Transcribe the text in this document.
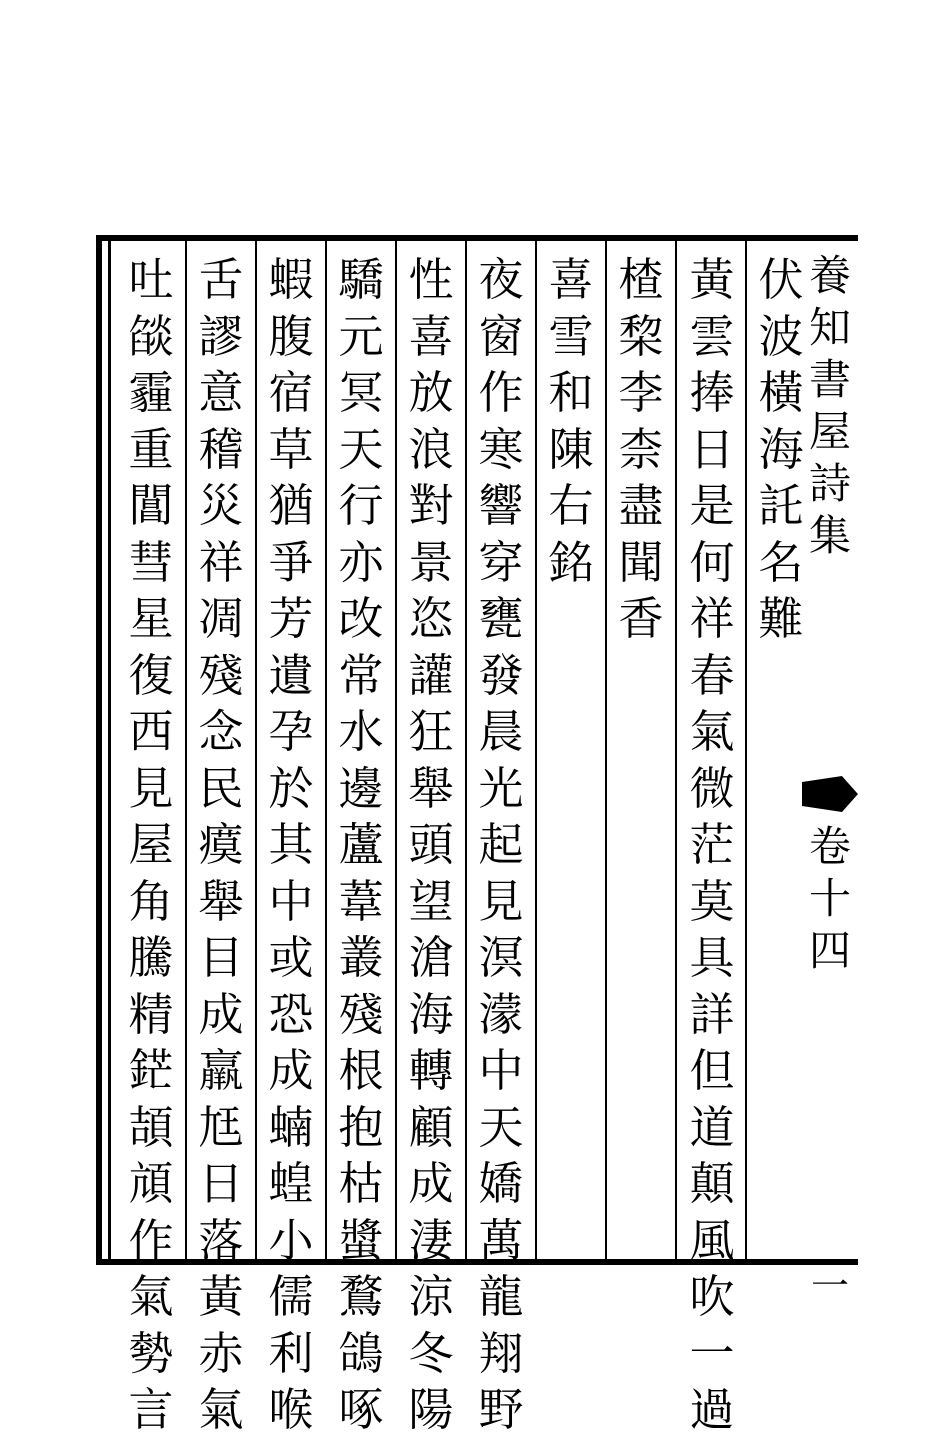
伏波橫海託名難
黃雲捧日是何祥春氣微茫莫具詳但道顛風吹一過
楂棃李柰盡聞香
喜雪和陳右銘
夜窗作寒響穿甕發晨光起見溟濛中天嬌萬龍翔野
性喜放浪對景恣讙狂舉頭望滄海轉顧成淒涼冬陽
驕元冥天行亦改常水邊蘆葦叢殘根抱枯螿鶩鴿啄
蝦腹宿草猶爭芳遺孕於其中或恐成蝻蝗小儒利喉
舌謬意稽災祥凋殘念民瘼舉目成羸尪日落黃赤氣
吐燄霾重閶彗星復西見屋角騰精鋩頡頏作氣勢言
養知書屋詩集
卷十四
一
